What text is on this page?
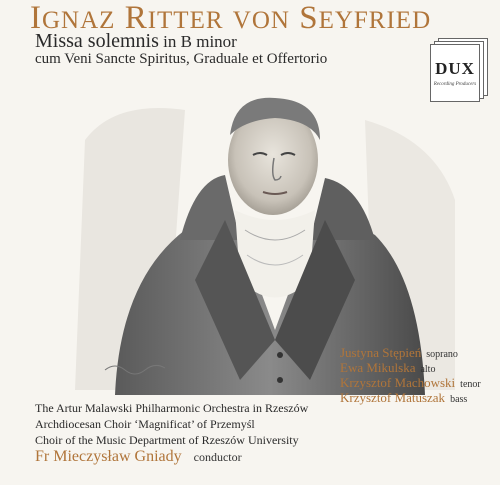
IGNAZ RITTER VON SEYFRIED
Missa solemnis in B minor
cum Veni Sancte Spiritus, Graduale et Offertorio	DUX
Recording Producers
Justyna Stępień soprano
Ewa Mikulska alto
Krzysztof Machowski tenor
Krzysztof Matuszak bass
The Artur Malawski Philharmonic Orchestra in Rzeszów
Archdiocesan Choir ‘Magnificat’ of Przemyśl
Choir of the Music Department of Rzeszów University
Fr Mieczysław Gniady conductor
